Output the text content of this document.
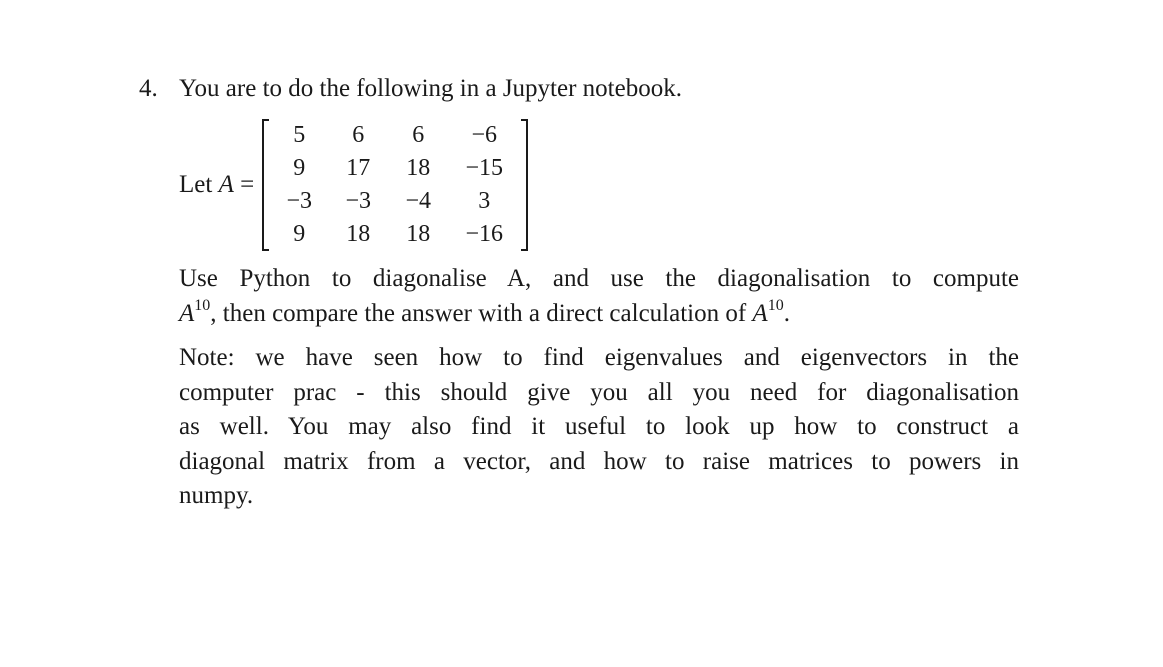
4. You are to do the following in a Jupyter notebook.
Let A =
5	6	6	−6
9	17	18	−15
−3	−3	−4	3
9	18	18	−16
Use Python to diagonalise A, and use the diagonalisation to compute
$A^{10}$, then compare the answer with a direct calculation of $A^{10}$.
Note: we have seen how to find eigenvalues and eigenvectors in the
computer prac - this should give you all you need for diagonalisation
as well. You may also find it useful to look up how to construct a
diagonal matrix from a vector, and how to raise matrices to powers in
numpy.
